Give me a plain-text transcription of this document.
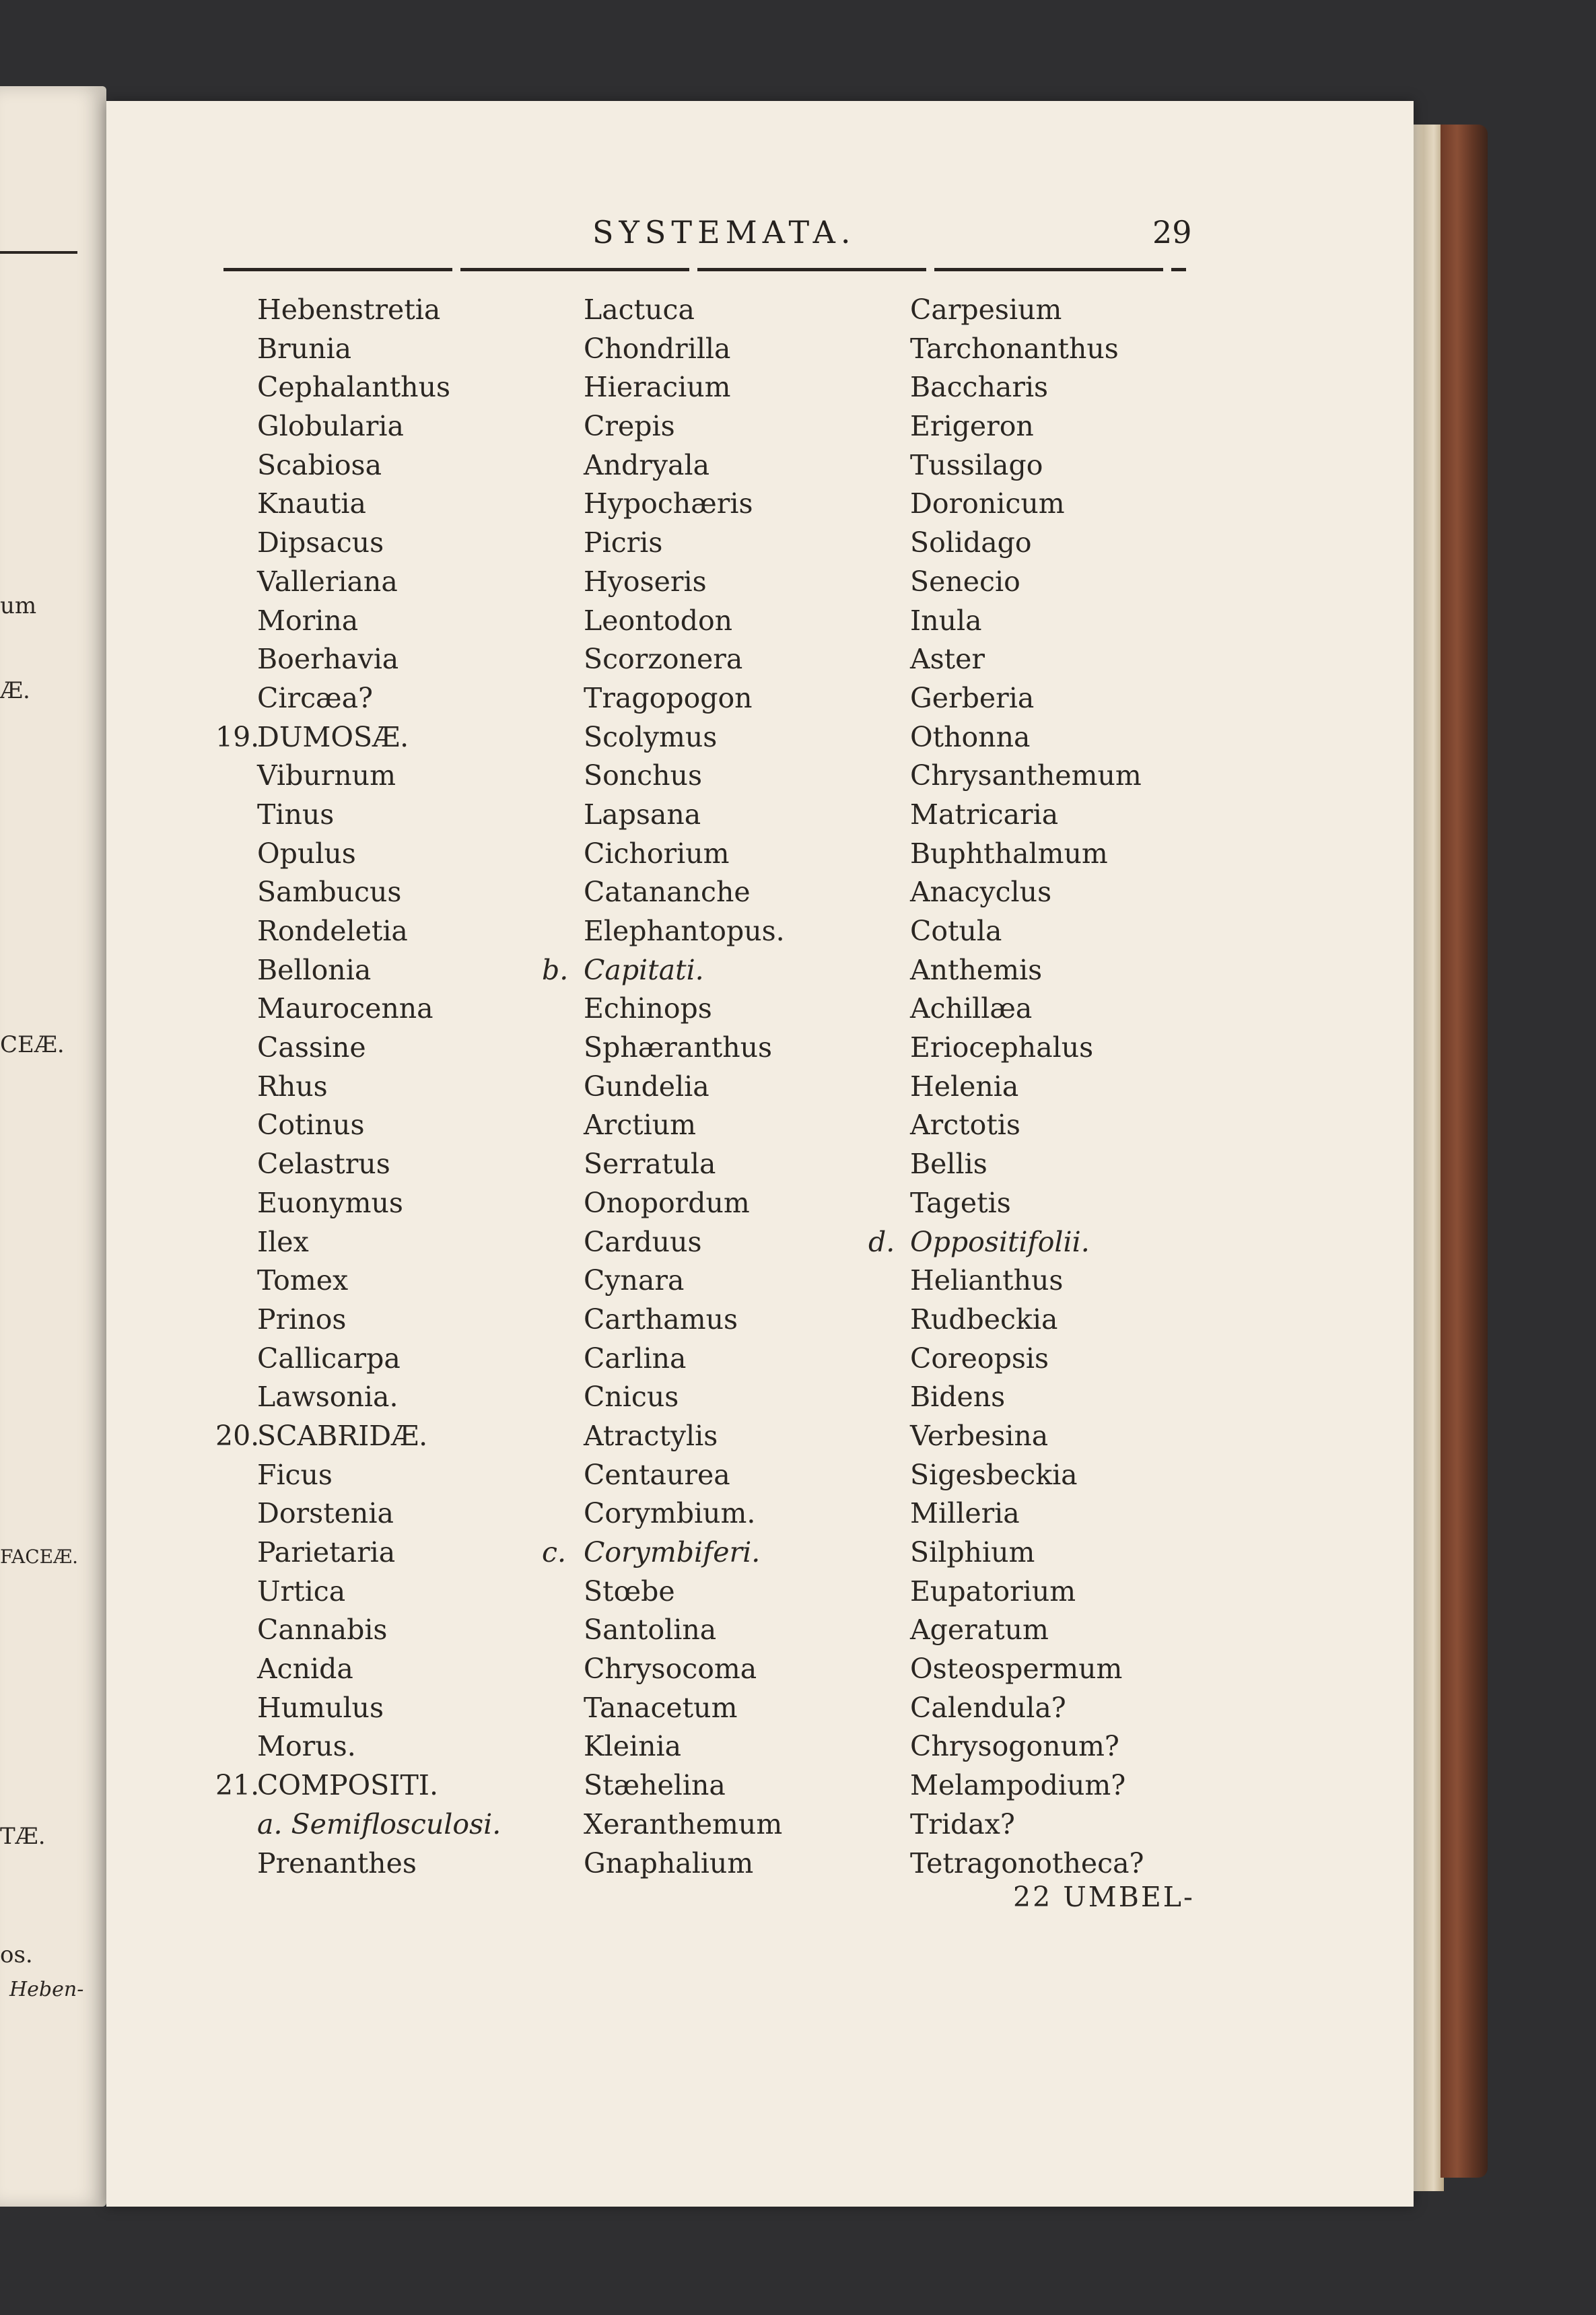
um
Æ.
CEÆ.
FACEÆ.
TÆ.
os.
Heben-
SYSTEMATA.	29
Hebenstretia
Brunia
Cephalanthus
Globularia
Scabiosa
Knautia
Dipsacus
Valleriana
Morina
Boerhavia
Circæa?
19.DUMOSÆ.
Viburnum
Tinus
Opulus
Sambucus
Rondeletia
Bellonia
Maurocenna
Cassine
Rhus
Cotinus
Celastrus
Euonymus
Ilex
Tomex
Prinos
Callicarpa
Lawsonia.
20.SCABRIDÆ.
Ficus
Dorstenia
Parietaria
Urtica
Cannabis
Acnida
Humulus
Morus.
21.COMPOSITI.
a. Semiflosculosi.
Prenanthes
Lactuca
Chondrilla
Hieracium
Crepis
Andryala
Hypochæris
Picris
Hyoseris
Leontodon
Scorzonera
Tragopogon
Scolymus
Sonchus
Lapsana
Cichorium
Catananche
Elephantopus.
b. Capitati.
Echinops
Sphæranthus
Gundelia
Arctium
Serratula
Onopordum
Carduus
Cynara
Carthamus
Carlina
Cnicus
Atractylis
Centaurea
Corymbium.
c. Corymbiferi.
Stœbe
Santolina
Chrysocoma
Tanacetum
Kleinia
Stæhelina
Xeranthemum
Gnaphalium
Carpesium
Tarchonanthus
Baccharis
Erigeron
Tussilago
Doronicum
Solidago
Senecio
Inula
Aster
Gerberia
Othonna
Chrysanthemum
Matricaria
Buphthalmum
Anacyclus
Cotula
Anthemis
Achillæa
Eriocephalus
Helenia
Arctotis
Bellis
Tagetis
d. Oppositifolii.
Helianthus
Rudbeckia
Coreopsis
Bidens
Verbesina
Sigesbeckia
Milleria
Silphium
Eupatorium
Ageratum
Osteospermum
Calendula?
Chrysogonum?
Melampodium?
Tridax?
Tetragonotheca?
22 UMBEL-
